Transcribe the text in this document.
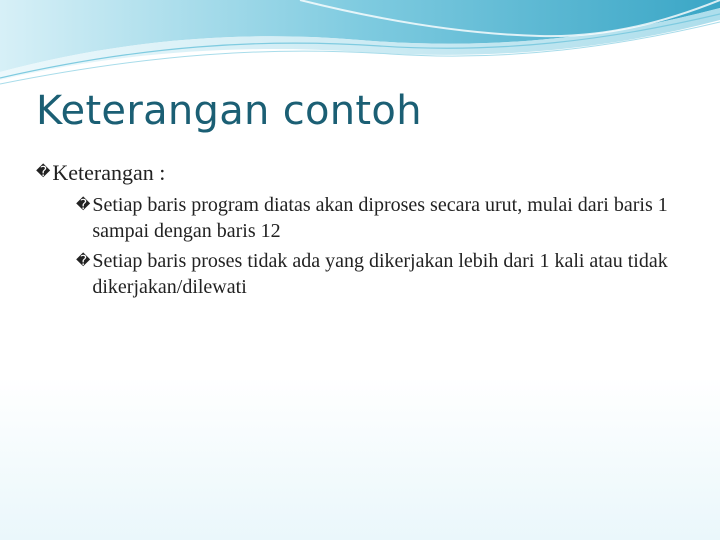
Keterangan contoh
� Keterangan :
� Setiap baris program diatas akan diproses secara urut, mulai dari baris 1 sampai dengan baris 12
� Setiap baris proses tidak ada yang dikerjakan lebih dari 1 kali atau tidak dikerjakan/dilewati
